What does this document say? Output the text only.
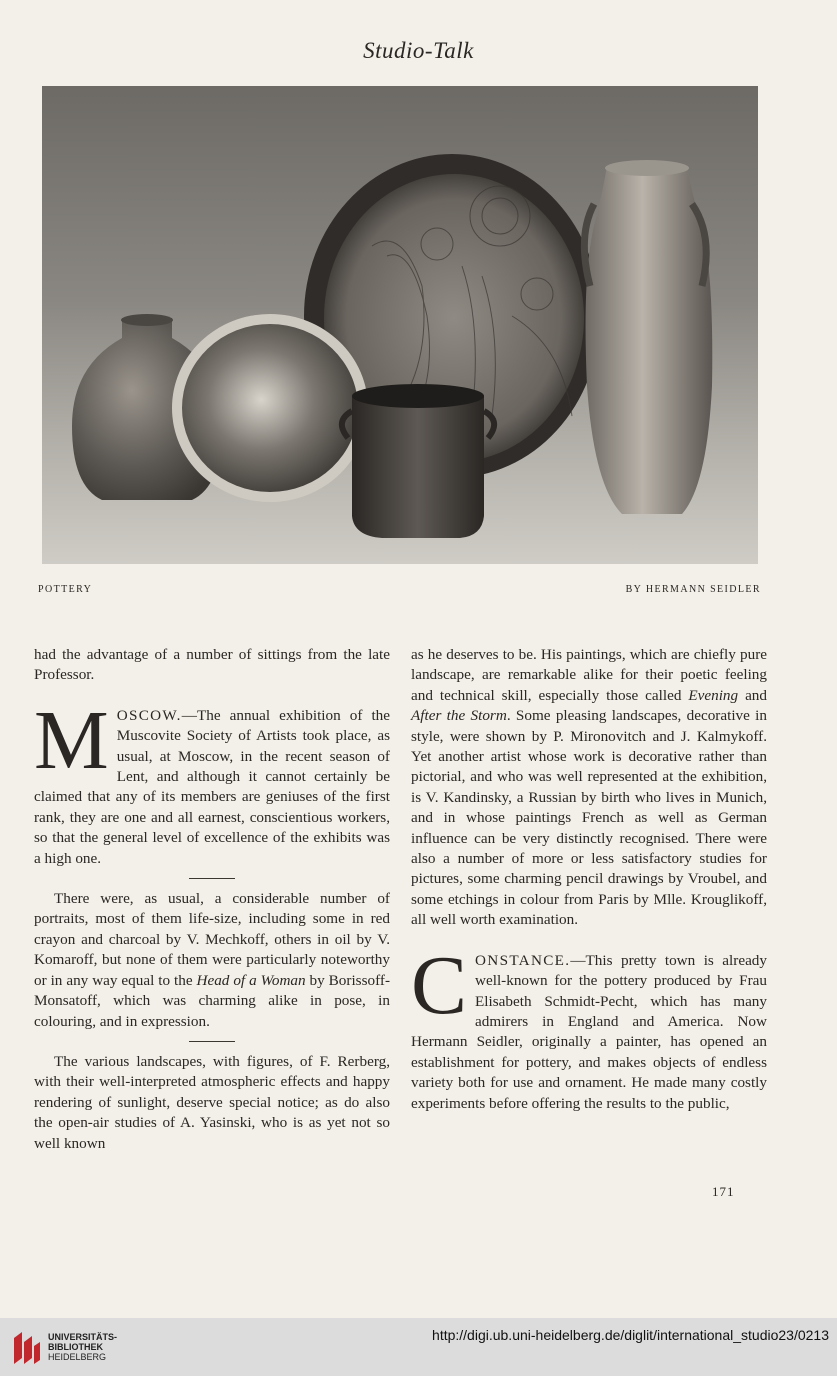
Studio-Talk
POTTERY	BY HERMANN SEIDLER

had the advantage of a number of sittings from the late Professor.

MOSCOW.—The annual exhibition of the Muscovite Society of Artists took place, as usual, at Moscow, in the recent season of Lent, and although it cannot certainly be claimed that any of its members are geniuses of the first rank, they are one and all earnest, conscientious workers, so that the general level of excellence of the exhibits was a high one.

There were, as usual, a considerable number of portraits, most of them life-size, including some in red crayon and charcoal by V. Mechkoff, others in oil by V. Komaroff, but none of them were particularly noteworthy or in any way equal to the Head of a Woman by Borissoff-Monsatoff, which was charming alike in pose, in colouring, and in expression.

The various landscapes, with figures, of F. Rerberg, with their well-interpreted atmospheric effects and happy rendering of sunlight, deserve special notice; as do also the open-air studies of A. Yasinski, who is as yet not so well known

as he deserves to be. His paintings, which are chiefly pure landscape, are remarkable alike for their poetic feeling and technical skill, especially those called Evening and After the Storm. Some pleasing landscapes, decorative in style, were shown by P. Mironovitch and J. Kalmykoff. Yet another artist whose work is decorative rather than pictorial, and who was well represented at the exhibition, is V. Kandinsky, a Russian by birth who lives in Munich, and in whose paintings French as well as German influence can be very distinctly recognised. There were also a number of more or less satisfactory studies for pictures, some charming pencil drawings by Vroubel, and some etchings in colour from Paris by Mlle. Krouglikoff, all well worth examination.

CONSTANCE.—This pretty town is already well-known for the pottery produced by Frau Elisabeth Schmidt-Pecht, which has many admirers in England and America. Now Hermann Seidler, originally a painter, has opened an establishment for pottery, and makes objects of endless variety both for use and ornament. He made many costly experiments before offering the results to the public,

171
UNIVERSITÄTS-
BIBLIOTHEK
HEIDELBERG
http://digi.ub.uni-heidelberg.de/diglit/international_studio23/0213
